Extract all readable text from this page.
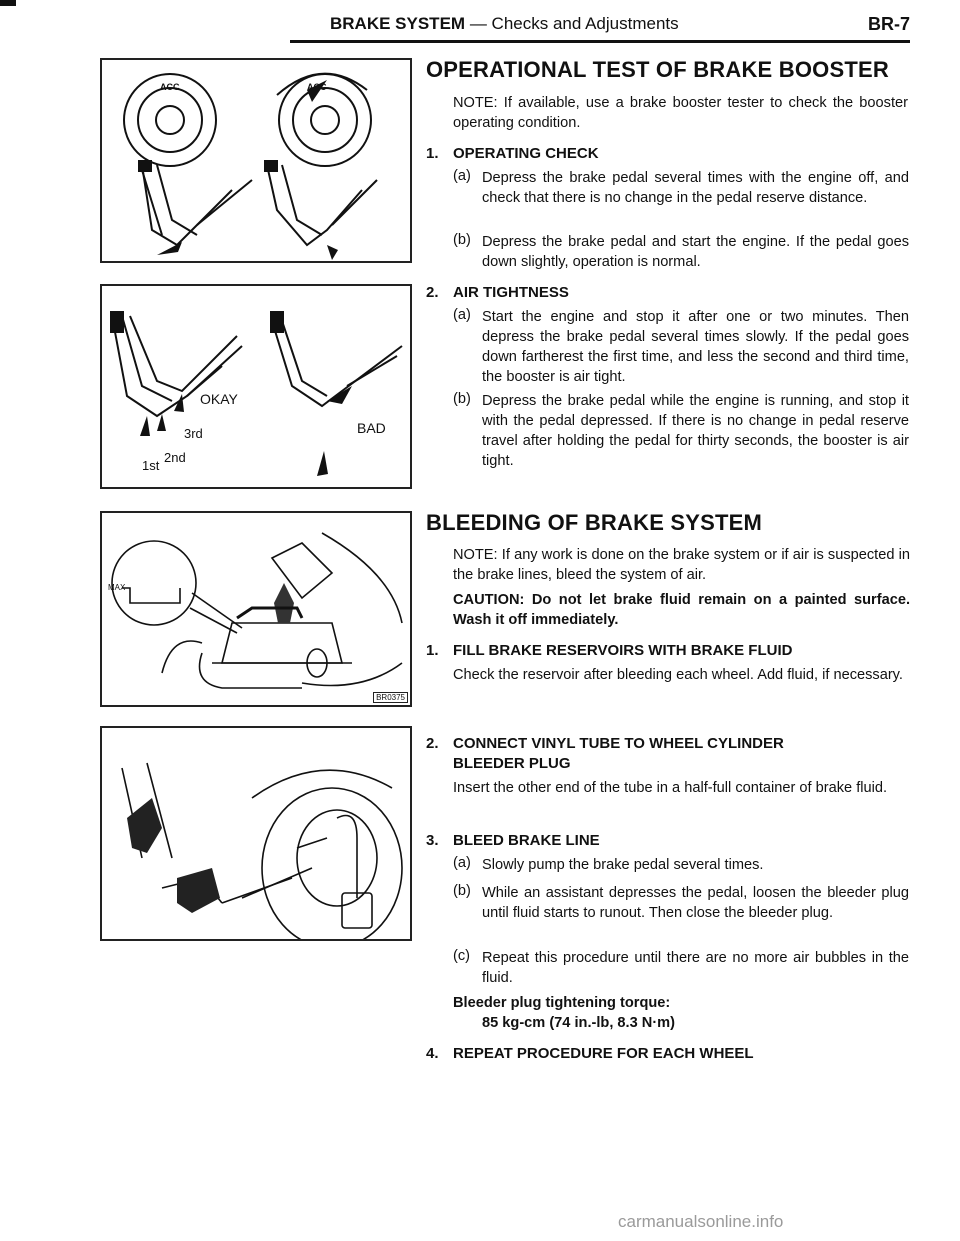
BRAKE SYSTEM — Checks and Adjustments	BR-7
ACC	ACC
OKAY
3rd
2nd
1st
BAD
MAX
BR0375
OPERATIONAL TEST OF BRAKE BOOSTER
NOTE: If available, use a brake booster tester to check the booster operating condition.
1. OPERATING CHECK
(a) Depress the brake pedal several times with the engine off, and check that there is no change in the pedal reserve distance.
(b) Depress the brake pedal and start the engine. If the pedal goes down slightly, operation is normal.
2. AIR TIGHTNESS
(a) Start the engine and stop it after one or two minutes. Then depress the brake pedal several times slowly. If the pedal goes down fartherest the first time, and less the second and third time, the booster is air tight.
(b) Depress the brake pedal while the engine is running, and stop it with the pedal depressed. If there is no change in pedal reserve travel after holding the pedal for thirty seconds, the booster is air tight.
BLEEDING OF BRAKE SYSTEM
NOTE: If any work is done on the brake system or if air is suspected in the brake lines, bleed the system of air.
CAUTION: Do not let brake fluid remain on a painted surface. Wash it off immediately.
1. FILL BRAKE RESERVOIRS WITH BRAKE FLUID
Check the reservoir after bleeding each wheel. Add fluid, if necessary.
2. CONNECT VINYL TUBE TO WHEEL CYLINDER
BLEEDER PLUG
Insert the other end of the tube in a half-full container of brake fluid.
3. BLEED BRAKE LINE
(a) Slowly pump the brake pedal several times.
(b) While an assistant depresses the pedal, loosen the bleeder plug until fluid starts to runout. Then close the bleeder plug.
(c) Repeat this procedure until there are no more air bubbles in the fluid.
Bleeder plug tightening torque:
85 kg-cm (74 in.-lb, 8.3 N·m)
4. REPEAT PROCEDURE FOR EACH WHEEL
carmanualsonline.info
